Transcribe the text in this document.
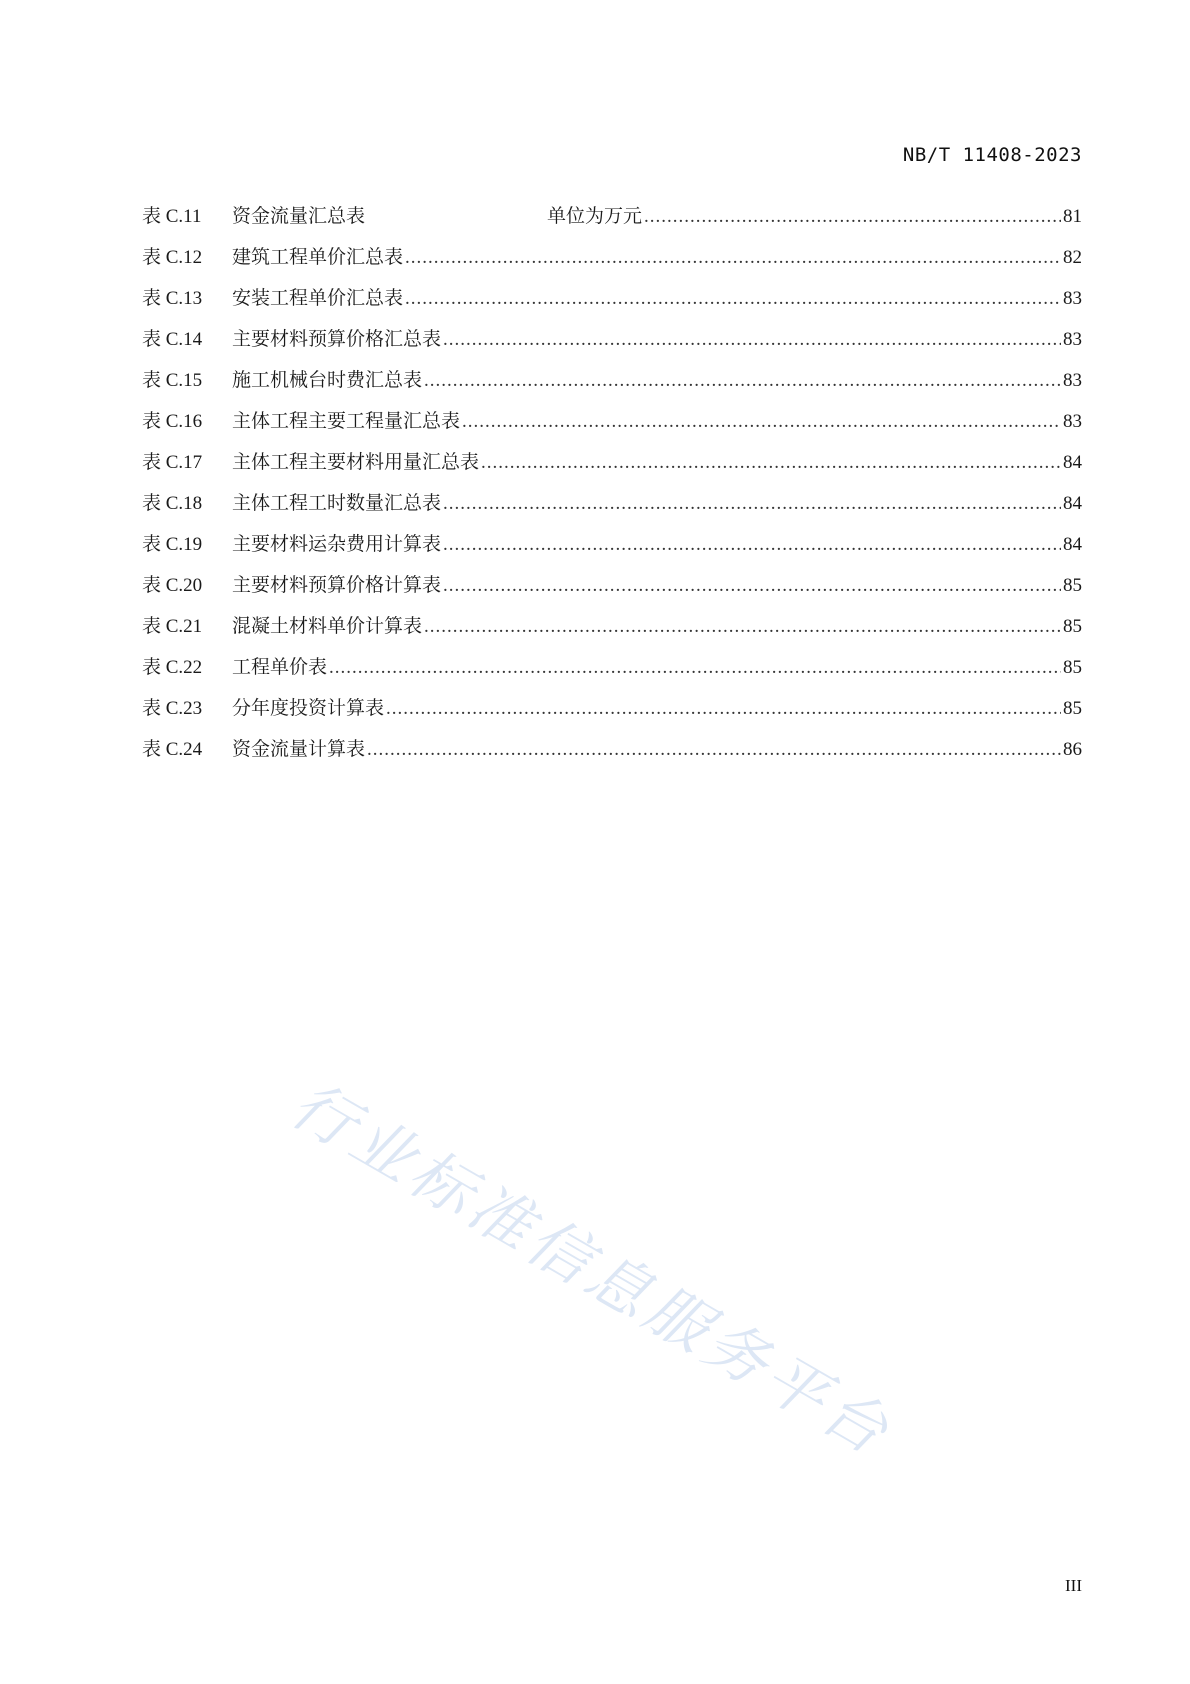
NB/T 11408-2023
表 C.11	资金流量汇总表	单位为万元 .....	81
表 C.12	建筑工程单价汇总表 .....	82
表 C.13	安装工程单价汇总表 .....	83
表 C.14	主要材料预算价格汇总表 .....	83
表 C.15	施工机械台时费汇总表 .....	83
表 C.16	主体工程主要工程量汇总表 .....	83
表 C.17	主体工程主要材料用量汇总表 .....	84
表 C.18	主体工程工时数量汇总表 .....	84
表 C.19	主要材料运杂费用计算表 .....	84
表 C.20	主要材料预算价格计算表 .....	85
表 C.21	混凝土材料单价计算表 .....	85
表 C.22	工程单价表 .....	85
表 C.23	分年度投资计算表 .....	85
表 C.24	资金流量计算表 .....	86
行业标准信息服务平台
III
